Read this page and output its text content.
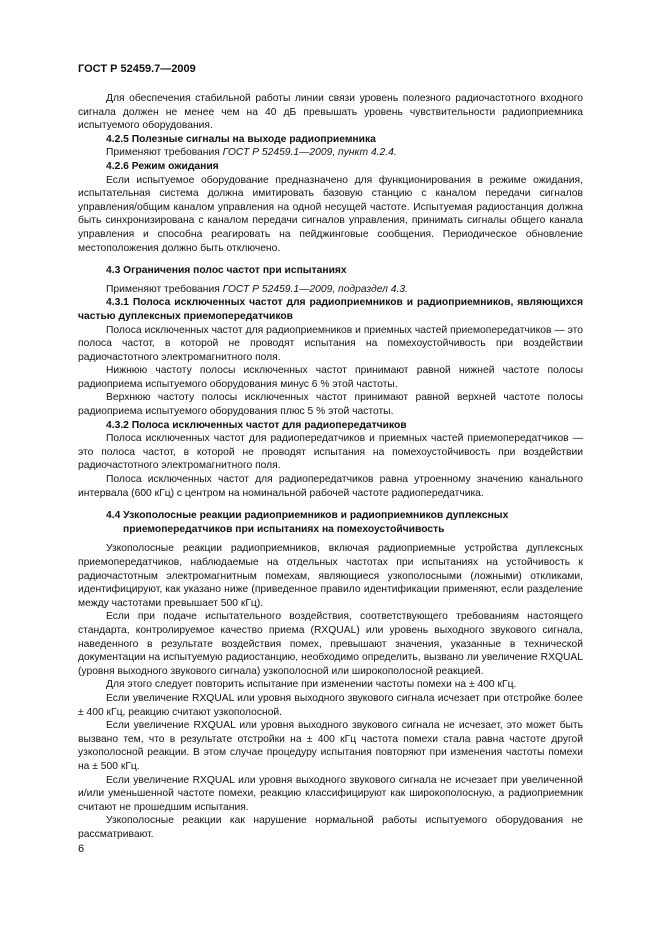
ГОСТ Р 52459.7—2009

Для обеспечения стабильной работы линии связи уровень полезного радиочастотного входного сигнала должен не менее чем на 40 дБ превышать уровень чувствительности радиоприемника испытуемого оборудования.

4.2.5 Полезные сигналы на выходе радиоприемника

Применяют требования ГОСТ Р 52459.1—2009, пункт 4.2.4.

4.2.6 Режим ожидания

Если испытуемое оборудование предназначено для функционирования в режиме ожидания, испытательная система должна имитировать базовую станцию с каналом передачи сигналов управления/общим каналом управления на одной несущей частоте. Испытуемая радиостанция должна быть синхронизирована с каналом передачи сигналов управления, принимать сигналы общего канала управления и способна реагировать на пейджинговые сообщения. Периодическое обновление местоположения должно быть отключено.

4.3 Ограничения полос частот при испытаниях

Применяют требования ГОСТ Р 52459.1—2009, подраздел 4.3.

4.3.1 Полоса исключенных частот для радиоприемников и радиоприемников, являющихся частью дуплексных приемопередатчиков

Полоса исключенных частот для радиоприемников и приемных частей приемопередатчиков — это полоса частот, в которой не проводят испытания на помехоустойчивость при воздействии радиочастотного электромагнитного поля.

Нижнюю частоту полосы исключенных частот принимают равной нижней частоте полосы радиоприема испытуемого оборудования минус 6 % этой частоты.

Верхнюю частоту полосы исключенных частот принимают равной верхней частоте полосы радиоприема испытуемого оборудования плюс 5 % этой частоты.

4.3.2 Полоса исключенных частот для радиопередатчиков

Полоса исключенных частот для радиопередатчиков и приемных частей приемопередатчиков — это полоса частот, в которой не проводят испытания на помехоустойчивость при воздействии радиочастотного электромагнитного поля.

Полоса исключенных частот для радиопередатчиков равна утроенному значению канального интервала (600 кГц) с центром на номинальной рабочей частоте радиопередатчика.

4.4 Узкополосные реакции радиоприемников и радиоприемников дуплексных
приемопередатчиков при испытаниях на помехоустойчивость

Узкополосные реакции радиоприемников, включая радиоприемные устройства дуплексных приемопередатчиков, наблюдаемые на отдельных частотах при испытаниях на устойчивость к радиочастотным электромагнитным помехам, являющиеся узкополосными (ложными) откликами, идентифицируют, как указано ниже (приведенное правило идентификации применяют, если разделение между частотами превышает 500 кГц).

Если при подаче испытательного воздействия, соответствующего требованиям настоящего стандарта, контролируемое качество приема (RXQUAL) или уровень выходного звукового сигнала, наведенного в результате воздействия помех, превышают значения, указанные в технической документации на испытуемую радиостанцию, необходимо определить, вызвано ли увеличение RXQUAL (уровня выходного звукового сигнала) узкополосной или широкополосной реакцией.

Для этого следует повторить испытание при изменении частоты помехи на ± 400 кГц.

Если увеличение RXQUAL или уровня выходного звукового сигнала исчезает при отстройке более ± 400 кГц, реакцию считают узкополосной.

Если увеличение RXQUAL или уровня выходного звукового сигнала не исчезает, это может быть вызвано тем, что в результате отстройки на ± 400 кГц частота помехи стала равна частоте другой узкополосной реакции. В этом случае процедуру испытания повторяют при изменения частоты помехи на ± 500 кГц.

Если увеличение RXQUAL или уровня выходного звукового сигнала не исчезает при увеличенной и/или уменьшенной частоте помехи, реакцию классифицируют как широкополосную, а радиоприемник считают не прошедшим испытания.

Узкополосные реакции как нарушение нормальной работы испытуемого оборудования не рассматривают.

6
